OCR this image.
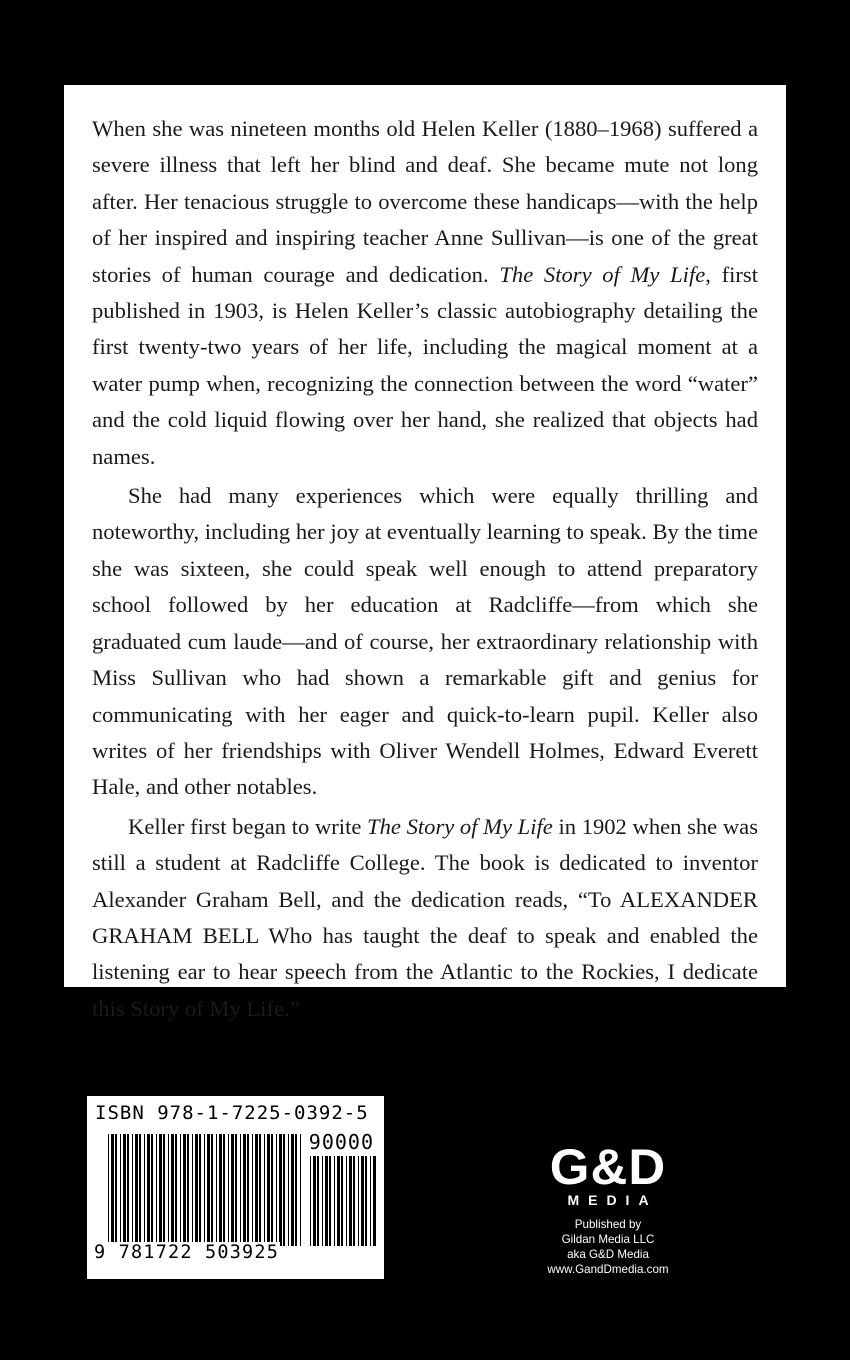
When she was nineteen months old Helen Keller (1880–1968) suffered a severe illness that left her blind and deaf. She became mute not long after. Her tenacious struggle to overcome these handicaps—with the help of her inspired and inspiring teacher Anne Sullivan—is one of the great stories of human courage and dedication. The Story of My Life, first published in 1903, is Helen Keller’s classic autobiography detailing the first twenty-two years of her life, including the magical moment at a water pump when, recognizing the connection between the word “water” and the cold liquid flowing over her hand, she realized that objects had names.

She had many experiences which were equally thrilling and noteworthy, including her joy at eventually learning to speak. By the time she was sixteen, she could speak well enough to attend preparatory school followed by her education at Radcliffe—from which she graduated cum laude—and of course, her extraordinary relationship with Miss Sullivan who had shown a remarkable gift and genius for communicating with her eager and quick-to-learn pupil. Keller also writes of her friendships with Oliver Wendell Holmes, Edward Everett Hale, and other notables.

Keller first began to write The Story of My Life in 1902 when she was still a student at Radcliffe College. The book is dedicated to inventor Alexander Graham Bell, and the dedication reads, “To ALEXANDER GRAHAM BELL Who has taught the deaf to speak and enabled the listening ear to hear speech from the Atlantic to the Rockies, I dedicate this Story of My Life.”

ISBN 978-1-7225-0392-5
90000
9 781722 503925
G&D
MEDIA
Published by
Gildan Media LLC
aka G&D Media
www.GandDmedia.com
